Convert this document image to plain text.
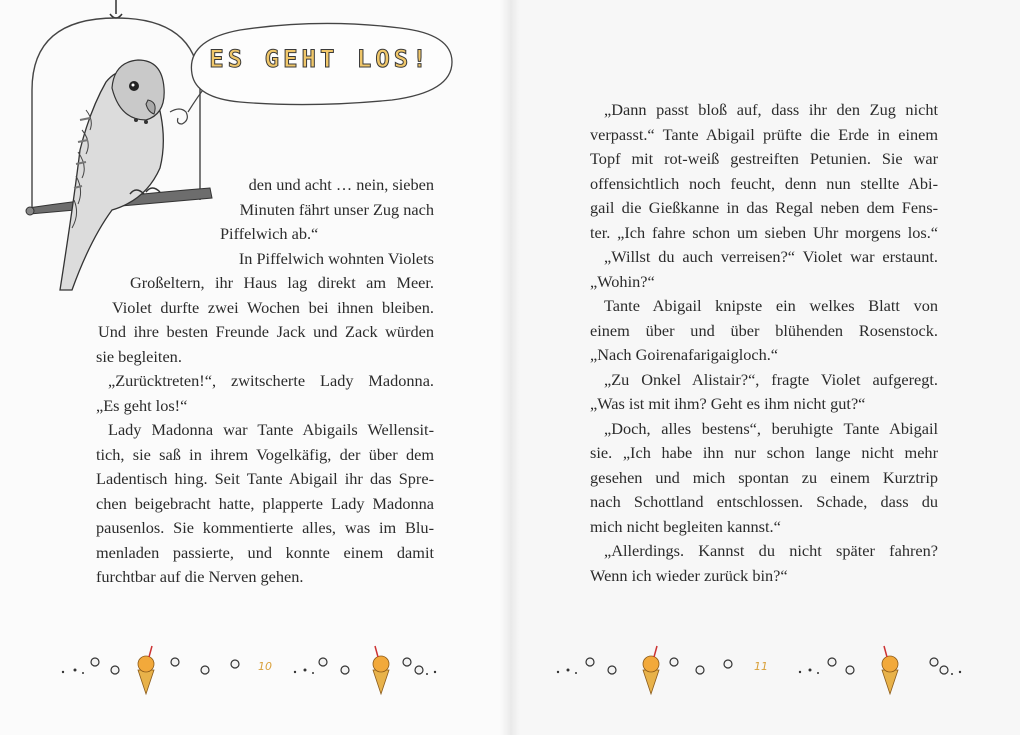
ES GEHT LOS!

den und acht … nein, sieben

Minuten fährt unser Zug nach

Piffelwich ab.“

In Piffelwich wohnten Violets

Großeltern, ihr Haus lag direkt am Meer.

Violet durfte zwei Wochen bei ihnen bleiben.

Und ihre besten Freunde Jack und Zack würden

sie begleiten.

„Zurücktreten!“, zwitscherte Lady Madonna.

„Es geht los!“

Lady Madonna war Tante Abigails Wellensit-

tich, sie saß in ihrem Vogelkäfig, der über dem

Ladentisch hing. Seit Tante Abigail ihr das Spre-

chen beigebracht hatte, plapperte Lady Madonna

pausenlos. Sie kommentierte alles, was im Blu-

menladen passierte, und konnte einem damit

furchtbar auf die Nerven gehen.

10

„Dann passt bloß auf, dass ihr den Zug nicht

verpasst.“ Tante Abigail prüfte die Erde in einem

Topf mit rot-weiß gestreiften Petunien. Sie war

offensichtlich noch feucht, denn nun stellte Abi-

gail die Gießkanne in das Regal neben dem Fens-

ter. „Ich fahre schon um sieben Uhr morgens los.“

„Willst du auch verreisen?“ Violet war erstaunt.

„Wohin?“

Tante Abigail knipste ein welkes Blatt von

einem über und über blühenden Rosenstock.

„Nach Goirenafarigaigloch.“

„Zu Onkel Alistair?“, fragte Violet aufgeregt.

„Was ist mit ihm? Geht es ihm nicht gut?“

„Doch, alles bestens“, beruhigte Tante Abigail

sie. „Ich habe ihn nur schon lange nicht mehr

gesehen und mich spontan zu einem Kurztrip

nach Schottland entschlossen. Schade, dass du

mich nicht begleiten kannst.“

„Allerdings. Kannst du nicht später fahren?

Wenn ich wieder zurück bin?“

11
